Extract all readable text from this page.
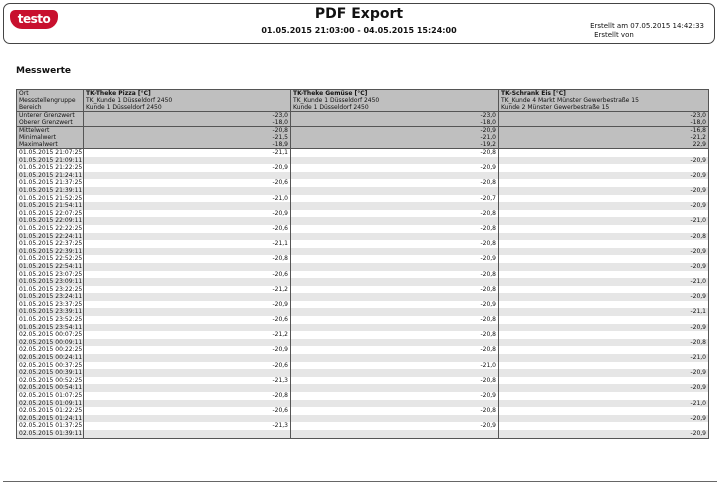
testo	PDF Export
01.05.2015 21:03:00 - 04.05.2015 15:24:00	Erstellt am 07.05.2015 14:42:33
Erstellt von
Messwerte
Ort	TK-Theke Pizza [°C]	TK-Theke Gemüse [°C]	TK-Schrank Eis [°C]
Messstellengruppe	TK_Kunde 1 Düsseldorf 2450	TK_Kunde 1 Düsseldorf 2450	TK_Kunde 4 Markt Münster Gewerbestraße 15
Bereich	Kunde 1 Düsseldorf 2450	Kunde 1 Düsseldorf 2450	Kunde 2 Münster Gewerbestraße 15
Unterer Grenzwert	-23,0	-23,0	-23,0
Oberer Grenzwert	-18,0	-18,0	-18,0
Mittelwert	-20,8	-20,9	-16,8
Minimalwert	-21,5	-21,0	-21,2
Maximalwert	-18,9	-19,2	22,9
01.05.2015 21:07:25	-21,1	-20,8	
01.05.2015 21:09:11			-20,9
01.05.2015 21:22:25	-20,9	-20,9	
01.05.2015 21:24:11			-20,9
01.05.2015 21:37:25	-20,6	-20,8	
01.05.2015 21:39:11			-20,9
01.05.2015 21:52:25	-21,0	-20,7	
01.05.2015 21:54:11			-20,9
01.05.2015 22:07:25	-20,9	-20,8	
01.05.2015 22:09:11			-21,0
01.05.2015 22:22:25	-20,6	-20,8	
01.05.2015 22:24:11			-20,8
01.05.2015 22:37:25	-21,1	-20,8	
01.05.2015 22:39:11			-20,9
01.05.2015 22:52:25	-20,8	-20,9	
01.05.2015 22:54:11			-20,9
01.05.2015 23:07:25	-20,6	-20,8	
01.05.2015 23:09:11			-21,0
01.05.2015 23:22:25	-21,2	-20,8	
01.05.2015 23:24:11			-20,9
01.05.2015 23:37:25	-20,9	-20,9	
01.05.2015 23:39:11			-21,1
01.05.2015 23:52:25	-20,6	-20,8	
01.05.2015 23:54:11			-20,9
02.05.2015 00:07:25	-21,2	-20,8	
02.05.2015 00:09:11			-20,8
02.05.2015 00:22:25	-20,9	-20,8	
02.05.2015 00:24:11			-21,0
02.05.2015 00:37:25	-20,6	-21,0	
02.05.2015 00:39:11			-20,9
02.05.2015 00:52:25	-21,3	-20,8	
02.05.2015 00:54:11			-20,9
02.05.2015 01:07:25	-20,8	-20,9	
02.05.2015 01:09:11			-21,0
02.05.2015 01:22:25	-20,6	-20,8	
02.05.2015 01:24:11			-20,9
02.05.2015 01:37:25	-21,3	-20,9	
02.05.2015 01:39:11			-20,9
